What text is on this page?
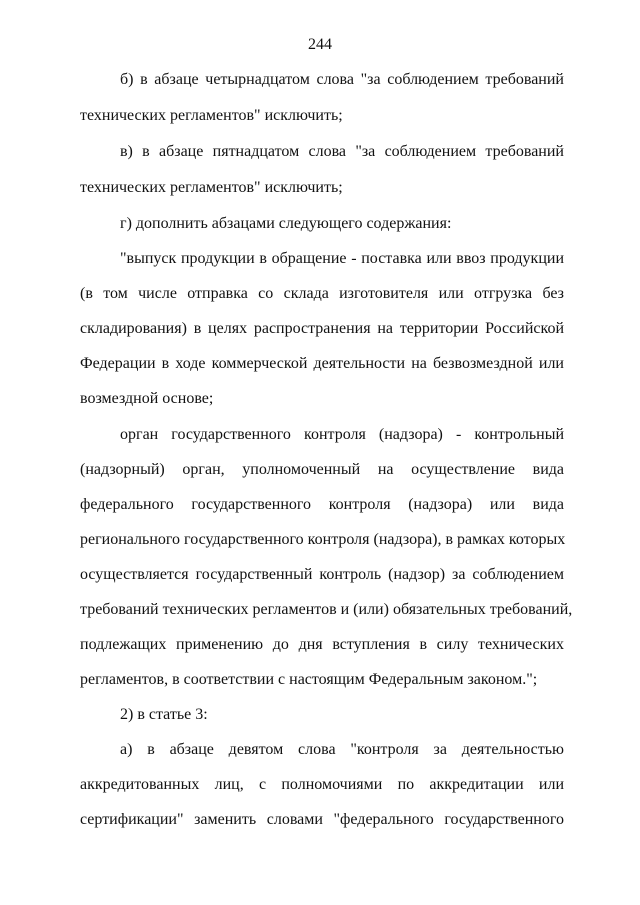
244
б) в абзаце четырнадцатом слова "за соблюдением требований
технических регламентов" исключить;
в) в абзаце пятнадцатом слова "за соблюдением требований
технических регламентов" исключить;
г) дополнить абзацами следующего содержания:
"выпуск продукции в обращение - поставка или ввоз продукции
(в том числе отправка со склада изготовителя или отгрузка без
складирования) в целях распространения на территории Российской
Федерации в ходе коммерческой деятельности на безвозмездной или
возмездной основе;
орган государственного контроля (надзора) - контрольный
(надзорный) орган, уполномоченный на осуществление вида
федерального государственного контроля (надзора) или вида
регионального государственного контроля (надзора), в рамках которых
осуществляется государственный контроль (надзор) за соблюдением
требований технических регламентов и (или) обязательных требований,
подлежащих применению до дня вступления в силу технических
регламентов, в соответствии с настоящим Федеральным законом.";
2) в статье 3:
а) в абзаце девятом слова "контроля за деятельностью
аккредитованных лиц, с полномочиями по аккредитации или
сертификации" заменить словами "федерального государственного
